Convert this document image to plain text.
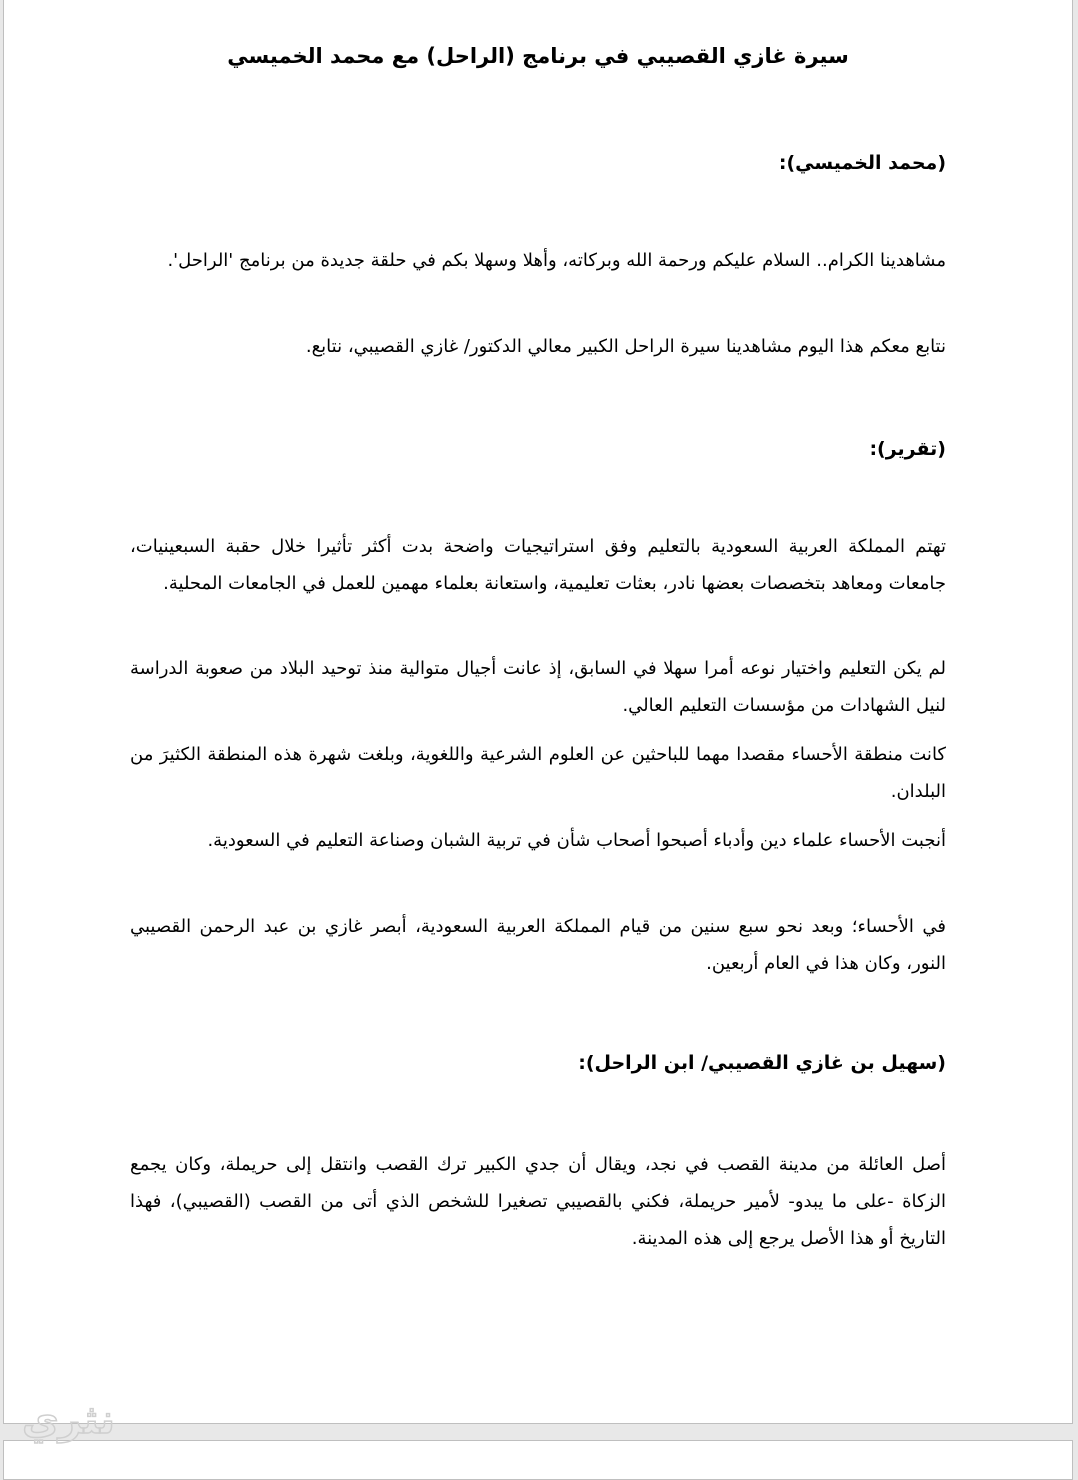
سيرة غازي القصيبي في برنامج (الراحل) مع محمد الخميسي

(محمد الخميسي):

مشاهدينا الكرام.. السلام عليكم ورحمة الله وبركاته، وأهلا وسهلا بكم في حلقة جديدة من برنامج 'الراحل'.

نتابع معكم هذا اليوم مشاهدينا سيرة الراحل الكبير معالي الدكتور/ غازي القصيبي، نتابع.

(تقرير):

تهتم المملكة العربية السعودية بالتعليم وفق استراتيجيات واضحة بدت أكثر تأثيرا خلال حقبة السبعينيات، جامعات ومعاهد بتخصصات بعضها نادر، بعثات تعليمية، واستعانة بعلماء مهمين للعمل في الجامعات المحلية.

لم يكن التعليم واختيار نوعه أمرا سهلا في السابق، إذ عانت أجيال متوالية منذ توحيد البلاد من صعوبة الدراسة لنيل الشهادات من مؤسسات التعليم العالي.

كانت منطقة الأحساء مقصدا مهما للباحثين عن العلوم الشرعية واللغوية، وبلغت شهرة هذه المنطقة الكثيرَ من البلدان.

أنجبت الأحساء علماء دين وأدباء أصبحوا أصحاب شأن في تربية الشبان وصناعة التعليم في السعودية.

في الأحساء؛ وبعد نحو سبع سنين من قيام المملكة العربية السعودية، أبصر غازي بن عبد الرحمن القصيبي النور، وكان هذا في العام أربعين.

(سهيل بن غازي القصيبي/ ابن الراحل):

أصل العائلة من مدينة القصب في نجد، ويقال أن جدي الكبير ترك القصب وانتقل إلى حريملة، وكان يجمع الزكاة -على ما يبدو- لأمير حريملة، فكني بالقصيبي تصغيرا للشخص الذي أتى من القصب (القصيبي)، فهذا التاريخ أو هذا الأصل يرجع إلى هذه المدينة.

نثري
